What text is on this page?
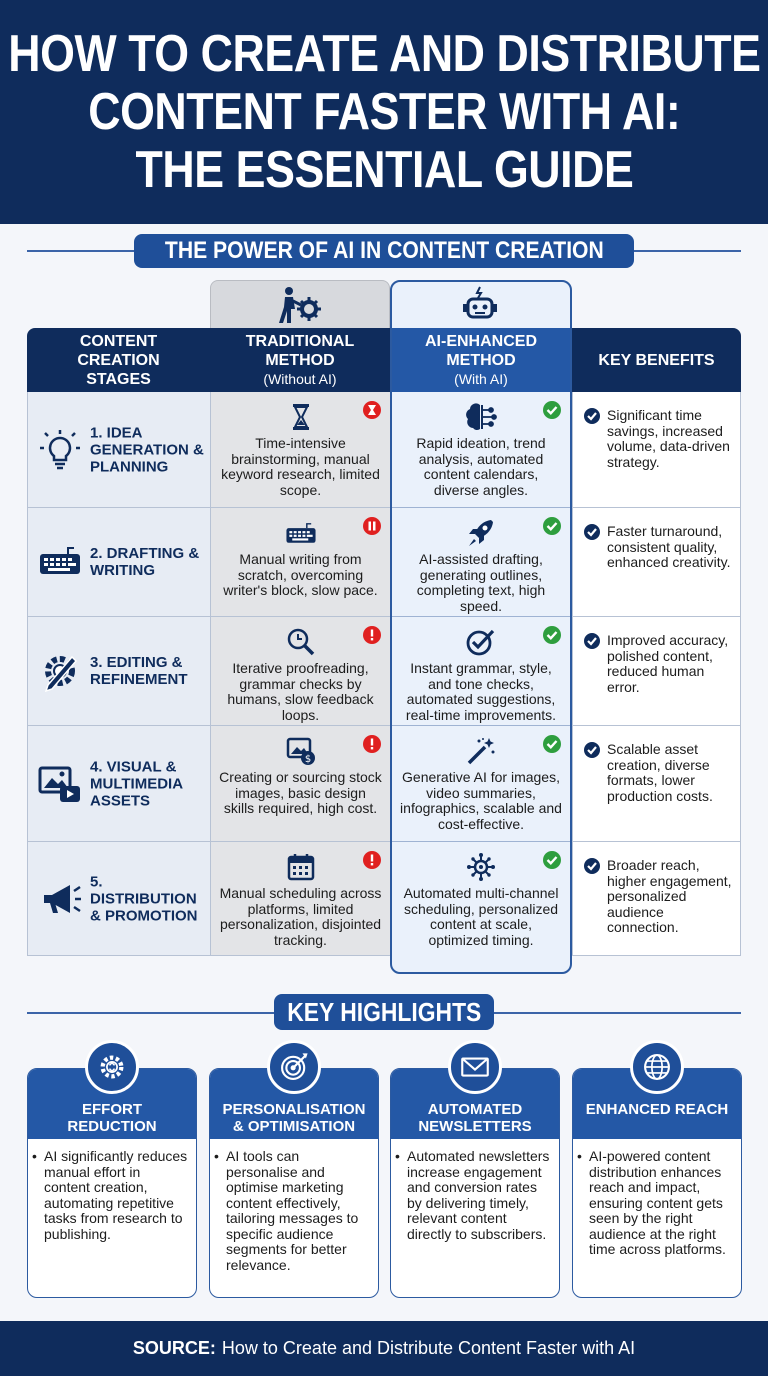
HOW TO CREATE AND DISTRIBUTE
CONTENT FASTER WITH AI:
THE ESSENTIAL GUIDE
THE POWER OF AI IN CONTENT CREATION
CONTENT CREATION STAGES
TRADITIONAL METHOD
(Without AI)
KEY BENEFITS
1. IDEA GENERATION & PLANNING
Time-intensive brainstorming, manual keyword research, limited scope.
Significant time savings, increased volume, data-driven strategy.
2. DRAFTING & WRITING
Manual writing from scratch, overcoming writer's block, slow pace.
Faster turnaround, consistent quality, enhanced creativity.
3. EDITING & REFINEMENT
Iterative proofreading, grammar checks by humans, slow feedback loops.
Improved accuracy, polished content, reduced human error.
4. VISUAL & MULTIMEDIA ASSETS
$
Creating or sourcing stock images, basic design skills required, high cost.
Scalable asset creation, diverse formats, lower production costs.
5. DISTRIBUTION & PROMOTION
Manual scheduling across platforms, limited personalization, disjointed tracking.
Broader reach, higher engagement, personalized audience connection.
AI-ENHANCED METHOD
(With AI)
Rapid ideation, trend analysis, automated content calendars, diverse angles.
AI-assisted drafting, generating outlines, completing text, high speed.
Instant grammar, style, and tone checks, automated suggestions, real-time improvements.
Generative AI for images, video summaries, infographics, scalable and cost-effective.
Automated multi-channel scheduling, personalized content at scale, optimized timing.
KEY HIGHLIGHTS
EFFORT REDUCTION
• AI significantly reduces manual effort in content creation, automating repetitive tasks from research to publishing.
PERSONALISATION & OPTIMISATION
• AI tools can personalise and optimise marketing content effectively, tailoring messages to specific audience segments for better relevance.
AUTOMATED NEWSLETTERS
• Automated newsletters increase engagement and conversion rates by delivering timely, relevant content directly to subscribers.
ENHANCED REACH
• AI-powered content distribution enhances reach and impact, ensuring content gets seen by the right audience at the right time across platforms.
SOURCE: How to Create and Distribute Content Faster with AI
